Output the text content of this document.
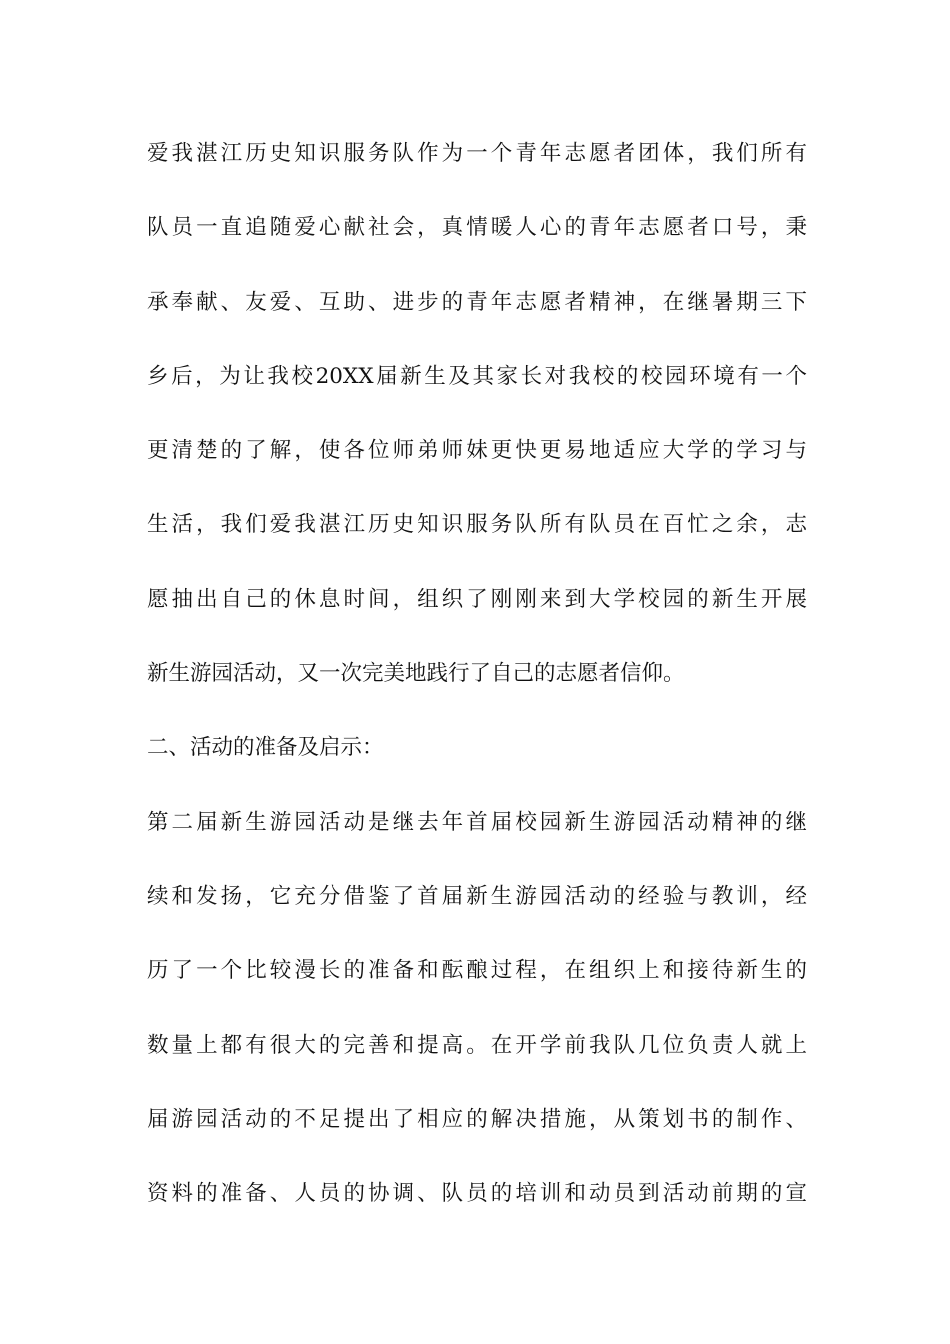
爱我湛江历史知识服务队作为一个青年志愿者团体，我们所有
队员一直追随爱心献社会，真情暖人心的青年志愿者口号，秉
承奉献、友爱、互助、进步的青年志愿者精神，在继暑期三下
乡后，为让我校20XX届新生及其家长对我校的校园环境有一个
更清楚的了解，使各位师弟师妹更快更易地适应大学的学习与
生活，我们爱我湛江历史知识服务队所有队员在百忙之余，志
愿抽出自己的休息时间，组织了刚刚来到大学校园的新生开展
新生游园活动，又一次完美地践行了自己的志愿者信仰。
二、活动的准备及启示：
第二届新生游园活动是继去年首届校园新生游园活动精神的继
续和发扬，它充分借鉴了首届新生游园活动的经验与教训，经
历了一个比较漫长的准备和酝酿过程，在组织上和接待新生的
数量上都有很大的完善和提高。在开学前我队几位负责人就上
届游园活动的不足提出了相应的解决措施，从策划书的制作、
资料的准备、人员的协调、队员的培训和动员到活动前期的宣
